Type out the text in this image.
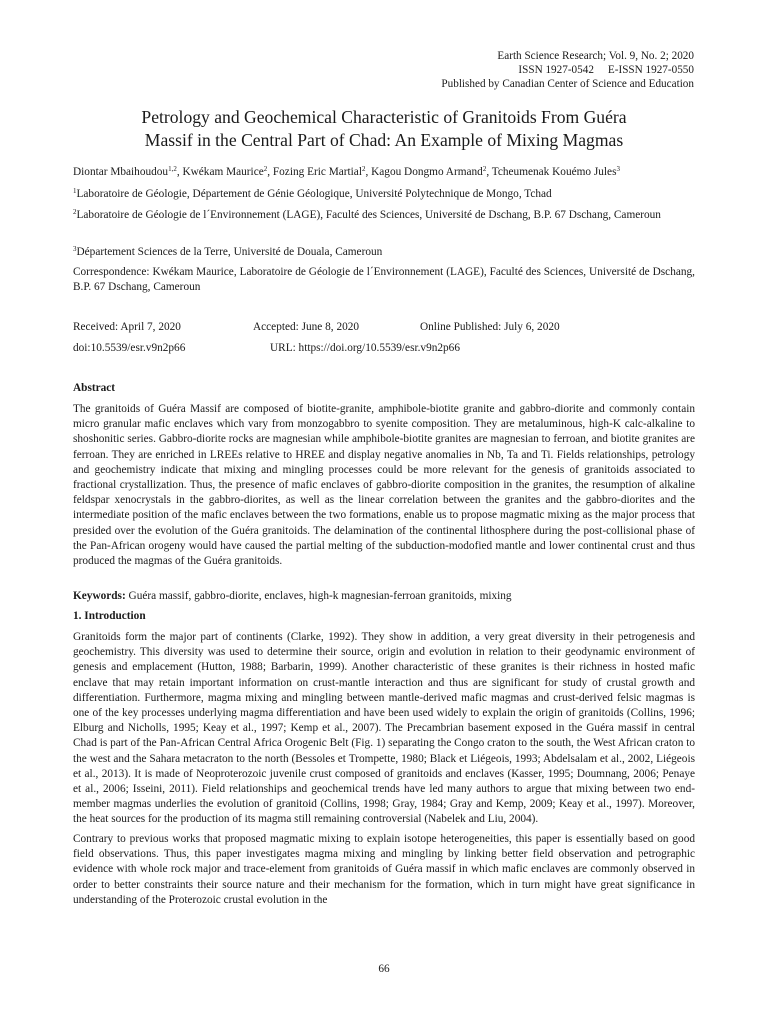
Earth Science Research; Vol. 9, No. 2; 2020
ISSN 1927-0542     E-ISSN 1927-0550
Published by Canadian Center of Science and Education
Petrology and Geochemical Characteristic of Granitoids From Guéra
Massif in the Central Part of Chad: An Example of Mixing Magmas
Diontar Mbaihoudou$^{1,2}$, Kwékam Maurice$^2$, Fozing Eric Martial$^2$, Kagou Dongmo Armand$^2$, Tcheumenak Kouémo Jules$^3$
$^1$Laboratoire de Géologie, Département de Génie Géologique, Université Polytechnique de Mongo, Tchad
$^2$Laboratoire de Géologie de l´Environnement (LAGE), Faculté des Sciences, Université de Dschang, B.P. 67 Dschang, Cameroun
$^3$Département Sciences de la Terre, Université de Douala, Cameroun
Correspondence: Kwékam Maurice, Laboratoire de Géologie de l´Environnement (LAGE), Faculté des Sciences, Université de Dschang, B.P. 67 Dschang, Cameroun
Received: April 7, 2020	Accepted: June 8, 2020	Online Published: July 6, 2020
doi:10.5539/esr.v9n2p66	URL: https://doi.org/10.5539/esr.v9n2p66
Abstract
The granitoids of Guéra Massif are composed of biotite-granite, amphibole-biotite granite and gabbro-diorite and commonly contain micro granular mafic enclaves which vary from monzogabbro to syenite composition. They are metaluminous, high-K calc-alkaline to shoshonitic series. Gabbro-diorite rocks are magnesian while amphibole-biotite granites are magnesian to ferroan, and biotite granites are ferroan. They are enriched in LREEs relative to HREE and display negative anomalies in Nb, Ta and Ti. Fields relationships, petrology and geochemistry indicate that mixing and mingling processes could be more relevant for the genesis of granitoids associated to fractional crystallization. Thus, the presence of mafic enclaves of gabbro-diorite composition in the granites, the resumption of alkaline feldspar xenocrystals in the gabbro-diorites, as well as the linear correlation between the granites and the gabbro-diorites and the intermediate position of the mafic enclaves between the two formations, enable us to propose magmatic mixing as the major process that presided over the evolution of the Guéra granitoids. The delamination of the continental lithosphere during the post-collisional phase of the Pan-African orogeny would have caused the partial melting of the subduction-modofied mantle and lower continental crust and thus produced the magmas of the Guéra granitoids.
Keywords: Guéra massif, gabbro-diorite, enclaves, high-k magnesian-ferroan granitoids, mixing
1. Introduction
Granitoids form the major part of continents (Clarke, 1992). They show in addition, a very great diversity in their petrogenesis and geochemistry. This diversity was used to determine their source, origin and evolution in relation to their geodynamic environment of genesis and emplacement (Hutton, 1988; Barbarin, 1999). Another characteristic of these granites is their richness in hosted mafic enclave that may retain important information on crust-mantle interaction and thus are significant for study of crustal growth and differentiation. Furthermore, magma mixing and mingling between mantle-derived mafic magmas and crust-derived felsic magmas is one of the key processes underlying magma differentiation and have been used widely to explain the origin of granitoids (Collins, 1996; Elburg and Nicholls, 1995; Keay et al., 1997; Kemp et al., 2007). The Precambrian basement exposed in the Guéra massif in central Chad is part of the Pan-African Central Africa Orogenic Belt (Fig. 1) separating the Congo craton to the south, the West African craton to the west and the Sahara metacraton to the north (Bessoles et Trompette, 1980; Black et Liégeois, 1993; Abdelsalam et al., 2002, Liégeois et al., 2013). It is made of Neoproterozoic juvenile crust composed of granitoids and enclaves (Kasser, 1995; Doumnang, 2006; Penaye et al., 2006; Isseini, 2011). Field relationships and geochemical trends have led many authors to argue that mixing between two end-member magmas underlies the evolution of granitoid (Collins, 1998; Gray, 1984; Gray and Kemp, 2009; Keay et al., 1997). Moreover, the heat sources for the production of its magma still remaining controversial (Nabelek and Liu, 2004).
Contrary to previous works that proposed magmatic mixing to explain isotope heterogeneities, this paper is essentially based on good field observations. Thus, this paper investigates magma mixing and mingling by linking better field observation and petrographic evidence with whole rock major and trace-element from granitoids of Guéra massif in which mafic enclaves are commonly observed in order to better constraints their source nature and their mechanism for the formation, which in turn might have great significance in understanding of the Proterozoic crustal evolution in the
66
